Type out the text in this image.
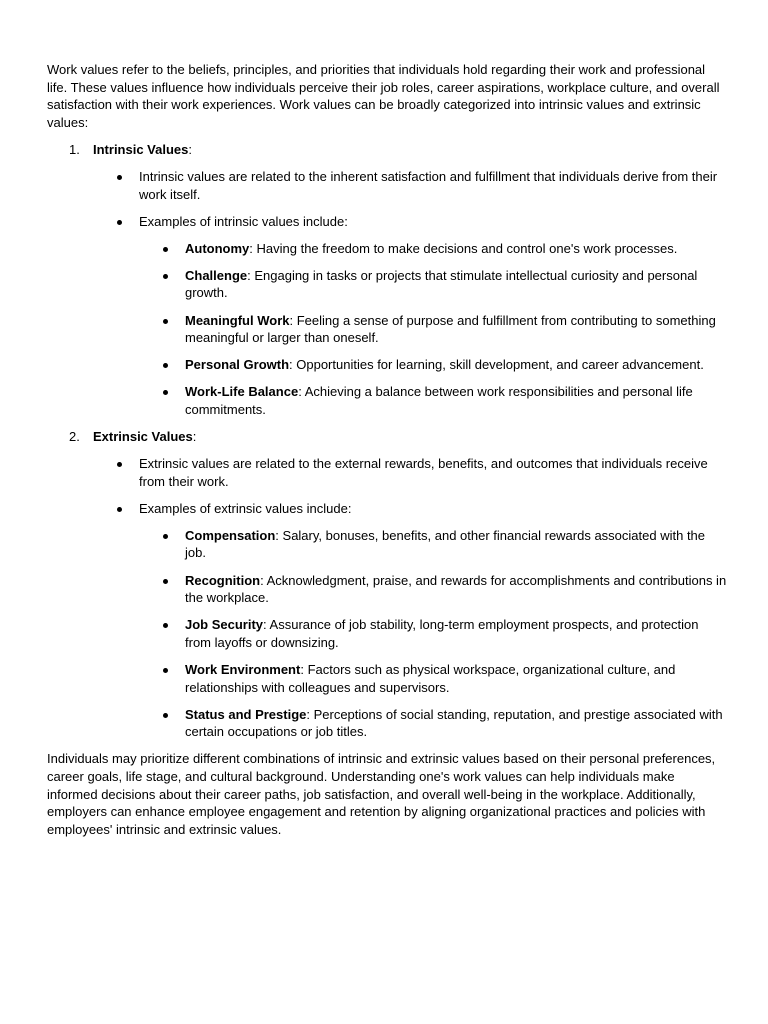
Work values refer to the beliefs, principles, and priorities that individuals hold regarding their work and professional life. These values influence how individuals perceive their job roles, career aspirations, workplace culture, and overall satisfaction with their work experiences. Work values can be broadly categorized into intrinsic values and extrinsic values:

1. Intrinsic Values:

Intrinsic values are related to the inherent satisfaction and fulfillment that individuals derive from their work itself.
Examples of intrinsic values include:
Autonomy: Having the freedom to make decisions and control one's work processes.
Challenge: Engaging in tasks or projects that stimulate intellectual curiosity and personal growth.
Meaningful Work: Feeling a sense of purpose and fulfillment from contributing to something meaningful or larger than oneself.
Personal Growth: Opportunities for learning, skill development, and career advancement.
Work-Life Balance: Achieving a balance between work responsibilities and personal life commitments.
2. Extrinsic Values:

Extrinsic values are related to the external rewards, benefits, and outcomes that individuals receive from their work.
Examples of extrinsic values include:
Compensation: Salary, bonuses, benefits, and other financial rewards associated with the job.
Recognition: Acknowledgment, praise, and rewards for accomplishments and contributions in the workplace.
Job Security: Assurance of job stability, long-term employment prospects, and protection from layoffs or downsizing.
Work Environment: Factors such as physical workspace, organizational culture, and relationships with colleagues and supervisors.
Status and Prestige: Perceptions of social standing, reputation, and prestige associated with certain occupations or job titles.

Individuals may prioritize different combinations of intrinsic and extrinsic values based on their personal preferences, career goals, life stage, and cultural background. Understanding one's work values can help individuals make informed decisions about their career paths, job satisfaction, and overall well-being in the workplace. Additionally, employers can enhance employee engagement and retention by aligning organizational practices and policies with employees' intrinsic and extrinsic values.
